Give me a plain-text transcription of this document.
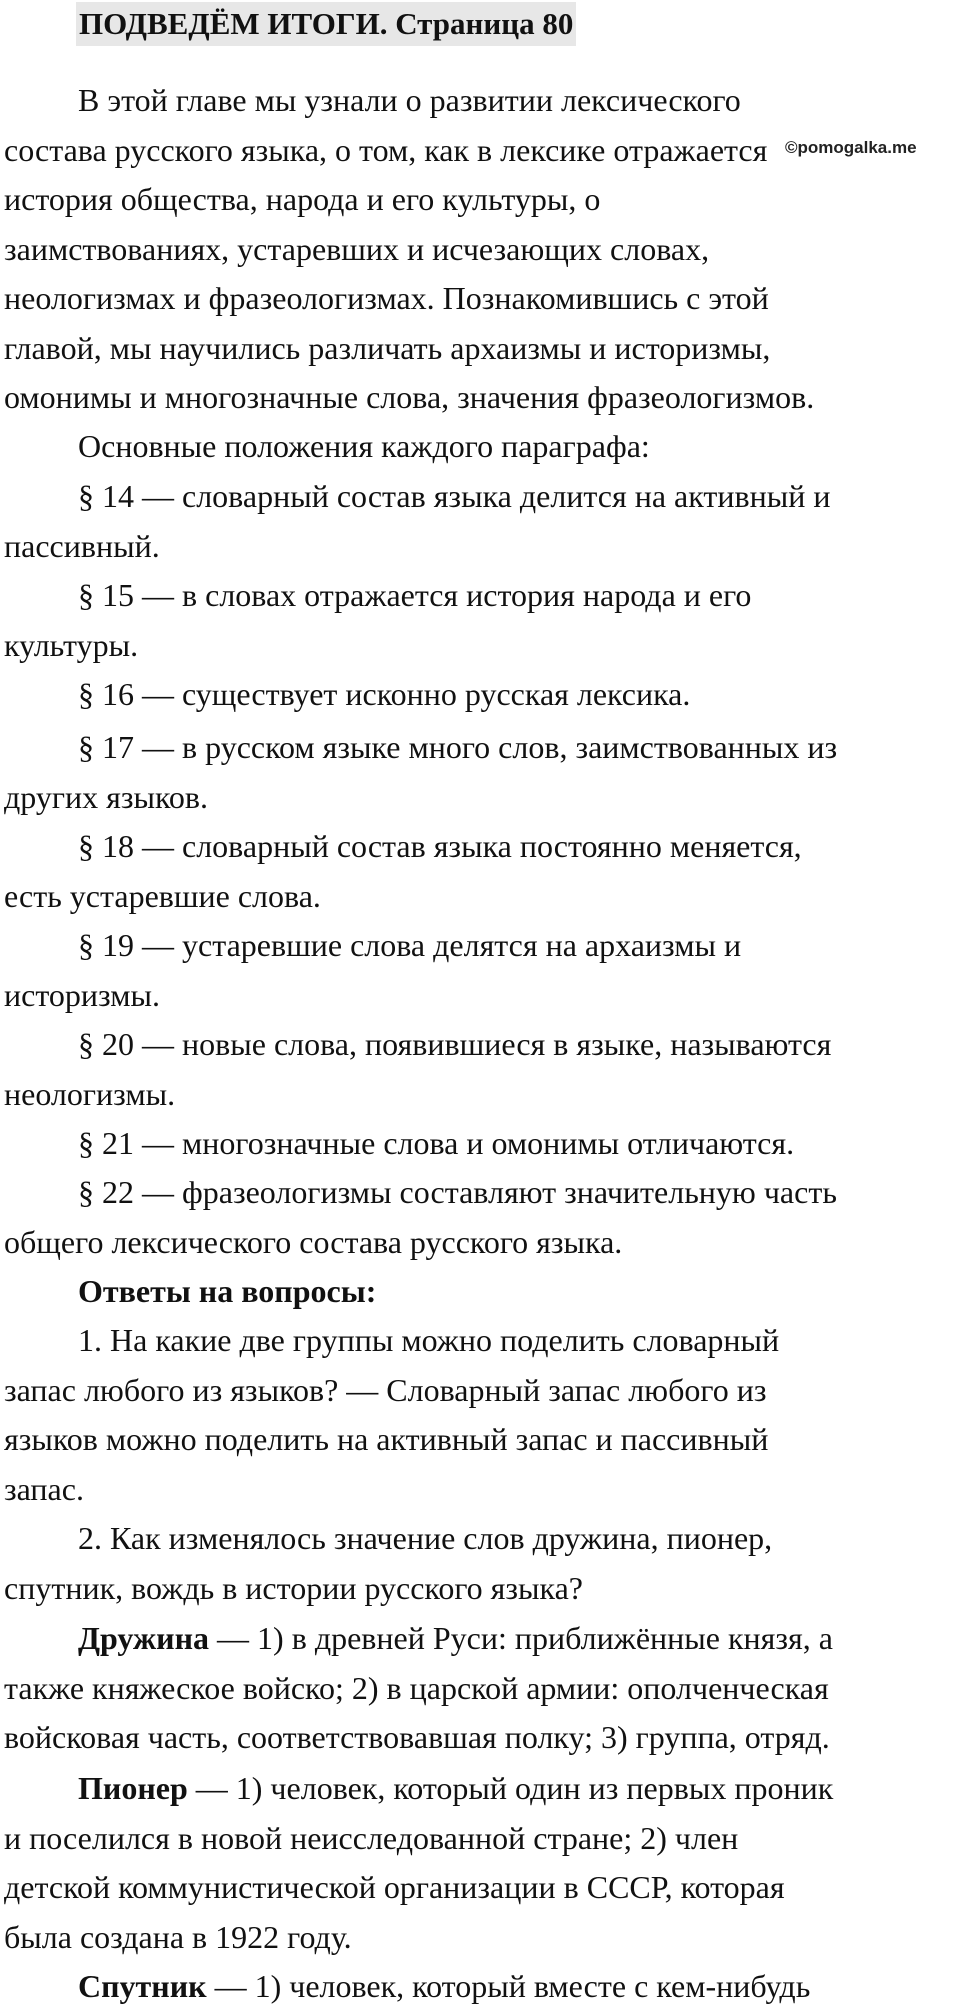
ПОДВЕДЁМ ИТОГИ. Страница 80
В этой главе мы узнали о развитии лексического
состава русского языка, о том, как в лексике отражается
история общества, народа и его культуры, о
заимствованиях, устаревших и исчезающих словах,
неологизмах и фразеологизмах. Познакомившись с этой
главой, мы научились различать архаизмы и историзмы,
омонимы и многозначные слова, значения фразеологизмов.
©pomogalka.me
Основные положения каждого параграфа:
§ 14 — словарный состав языка делится на активный и
пассивный.
§ 15 — в словах отражается история народа и его
культуры.
§ 16 — существует исконно русская лексика.
§ 17 — в русском языке много слов, заимствованных из
других языков.
§ 18 — словарный состав языка постоянно меняется,
есть устаревшие слова.
§ 19 — устаревшие слова делятся на архаизмы и
историзмы.
§ 20 — новые слова, появившиеся в языке, называются
неологизмы.
§ 21 — многозначные слова и омонимы отличаются.
§ 22 — фразеологизмы составляют значительную часть
общего лексического состава русского языка.
Ответы на вопросы:
1. На какие две группы можно поделить словарный
запас любого из языков? — Словарный запас любого из
языков можно поделить на активный запас и пассивный
запас.
2. Как изменялось значение слов дружина, пионер,
спутник, вождь в истории русского языка?
Дружина — 1) в древней Руси: приближённые князя, а
также княжеское войско; 2) в царской армии: ополченческая
войсковая часть, соответствовавшая полку; 3) группа, отряд.
Пионер — 1) человек, который один из первых проник
и поселился в новой неисследованной стране; 2) член
детской коммунистической организации в СССР, которая
была создана в 1922 году.
Спутник — 1) человек, который вместе с кем-нибудь
